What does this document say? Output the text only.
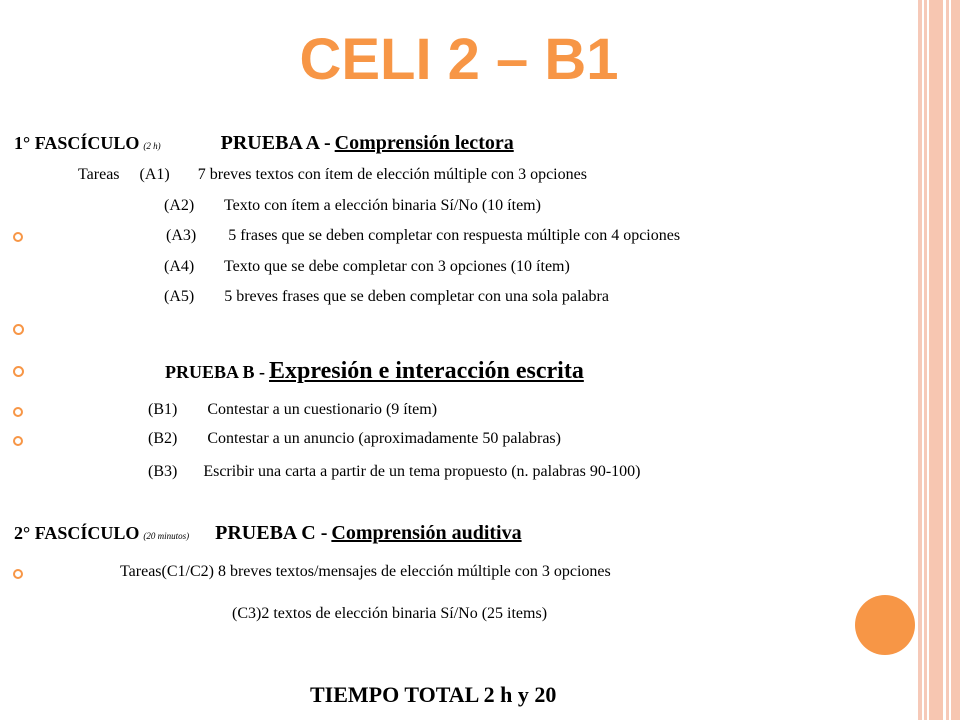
CELI 2 – B1
1° FASCÍCULO (2 h)	PRUEBA A - Comprensión lectora
Tareas (A1) 7 breves textos con ítem de elección múltiple con 3 opciones
(A2) Texto con ítem a elección binaria Sí/No (10 ítem)
(A3) 5 frases que se deben completar con respuesta múltiple con 4 opciones
(A4) Texto que se debe completar con 3 opciones (10 ítem)
(A5) 5 breves frases que se deben completar con una sola palabra
PRUEBA B - Expresión e interacción escrita
(B1) Contestar a un cuestionario (9 ítem)
(B2) Contestar a un anuncio (aproximadamente 50 palabras)
(B3) Escribir una carta a partir de un tema propuesto (n. palabras 90-100)
2° FASCÍCULO (20 minutos) PRUEBA C - Comprensión auditiva
Tareas(C1/C2) 8 breves textos/mensajes de elección múltiple con 3 opciones
(C3)2 textos de elección binaria Sí/No (25 items)
TIEMPO TOTAL 2 h y 20
